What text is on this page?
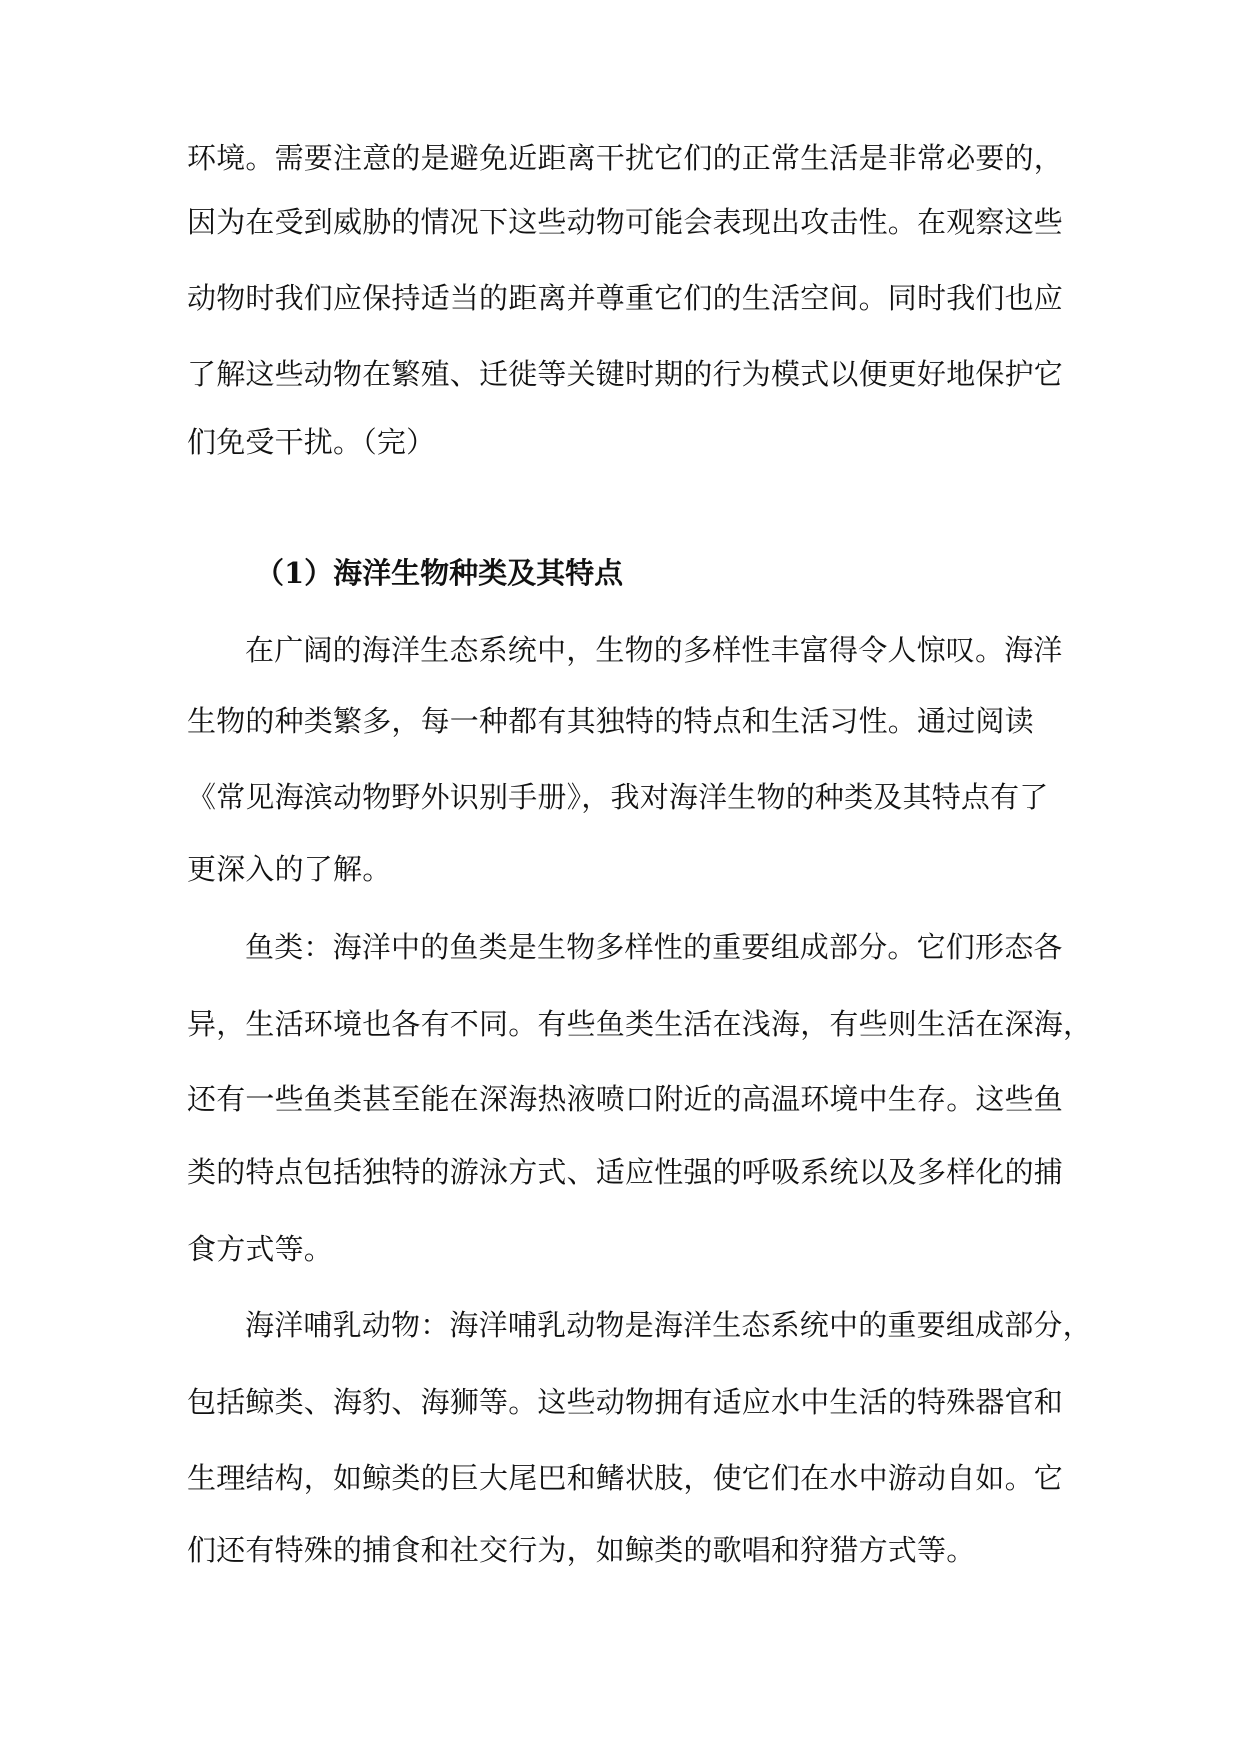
环境。需要注意的是避免近距离干扰它们的正常生活是非常必要的，
因为在受到威胁的情况下这些动物可能会表现出攻击性。在观察这些
动物时我们应保持适当的距离并尊重它们的生活空间。同时我们也应
了解这些动物在繁殖、迁徙等关键时期的行为模式以便更好地保护它
们免受干扰。（完）
（1）海洋生物种类及其特点
在广阔的海洋生态系统中，生物的多样性丰富得令人惊叹。海洋
生物的种类繁多，每一种都有其独特的特点和生活习性。通过阅读
《常见海滨动物野外识别手册》，我对海洋生物的种类及其特点有了
更深入的了解。
鱼类：海洋中的鱼类是生物多样性的重要组成部分。它们形态各
异，生活环境也各有不同。有些鱼类生活在浅海，有些则生活在深海，
还有一些鱼类甚至能在深海热液喷口附近的高温环境中生存。这些鱼
类的特点包括独特的游泳方式、适应性强的呼吸系统以及多样化的捕
食方式等。
海洋哺乳动物：海洋哺乳动物是海洋生态系统中的重要组成部分，
包括鲸类、海豹、海狮等。这些动物拥有适应水中生活的特殊器官和
生理结构，如鲸类的巨大尾巴和鳍状肢，使它们在水中游动自如。它
们还有特殊的捕食和社交行为，如鲸类的歌唱和狩猎方式等。
